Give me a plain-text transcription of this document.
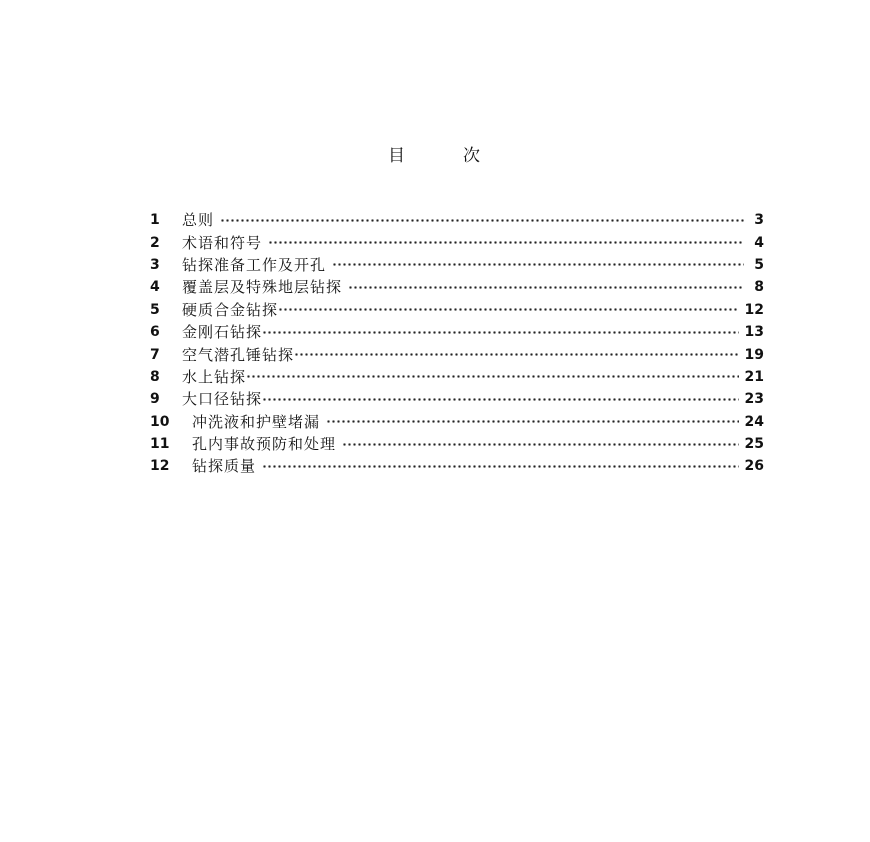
目	次
1	总则	3
2	术语和符号	4
3	钻探准备工作及开孔	5
4	覆盖层及特殊地层钻探	8
5	硬质合金钻探	12
6	金刚石钻探	13
7	空气潜孔锤钻探	19
8	水上钻探	21
9	大口径钻探	23
10	冲洗液和护壁堵漏	24
11	孔内事故预防和处理	25
12	钻探质量	26
